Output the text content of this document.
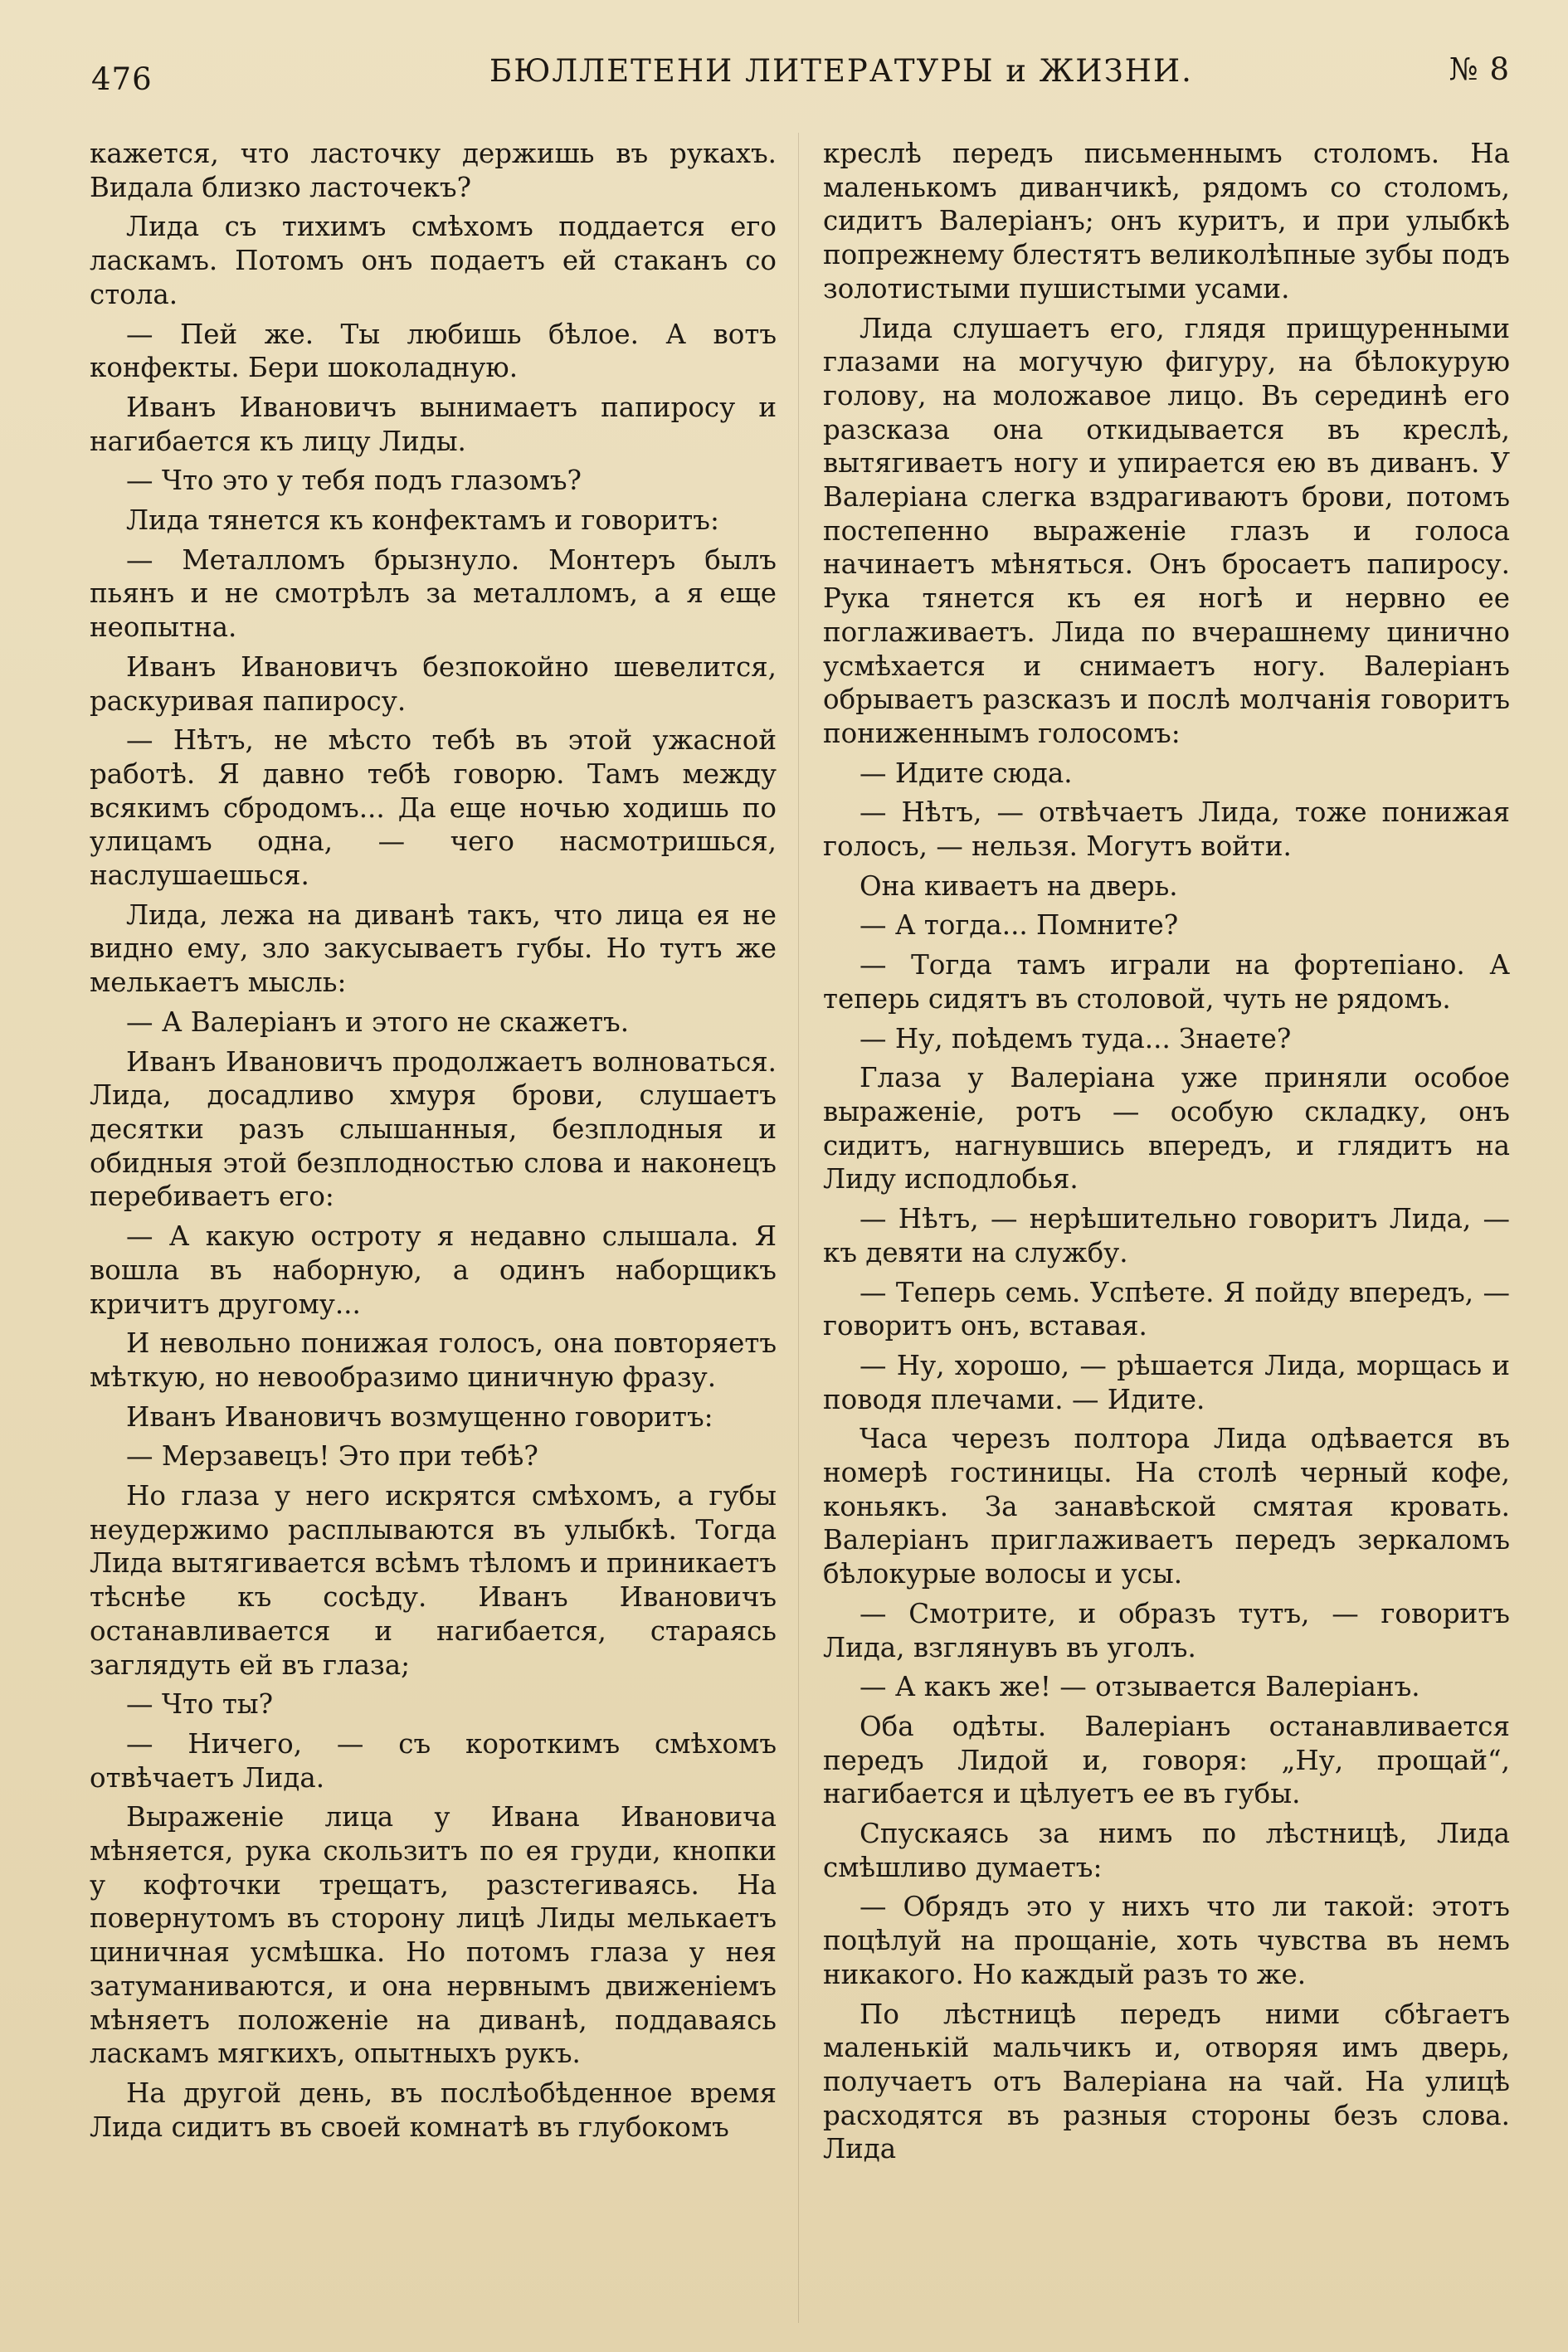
476	БЮЛЛЕТЕНИ ЛИТЕРАТУРЫ и ЖИЗНИ.	№ 8

кажется, что ласточку держишь въ рукахъ. Видала близко ласточекъ?

Лида съ тихимъ смѣхомъ поддается его ласкамъ. Потомъ онъ подаетъ ей стаканъ со стола.

— Пей же. Ты любишь бѣлое. А вотъ конфекты. Бери шоколадную.

Иванъ Ивановичъ вынимаетъ папиросу и нагибается къ лицу Лиды.

— Что это у тебя подъ глазомъ?

Лида тянется къ конфектамъ и говоритъ:

— Металломъ брызнуло. Монтеръ былъ пьянъ и не смотрѣлъ за металломъ, а я еще неопытна.

Иванъ Ивановичъ безпокойно шевелится, раскуривая папиросу.

— Нѣтъ, не мѣсто тебѣ въ этой ужасной работѣ. Я давно тебѣ говорю. Тамъ между всякимъ сбродомъ... Да еще ночью ходишь по улицамъ одна, — чего насмотришься, наслушаешься.

Лида, лежа на диванѣ такъ, что лица ея не видно ему, зло закусываетъ губы. Но тутъ же мелькаетъ мысль:

— А Валеріанъ и этого не скажетъ.

Иванъ Ивановичъ продолжаетъ волноваться. Лида, досадливо хмуря брови, слушаетъ десятки разъ слышанныя, безплодныя и обидныя этой безплодностью слова и наконецъ перебиваетъ его:

— А какую остроту я недавно слышала. Я вошла въ наборную, а одинъ наборщикъ кричитъ другому...

И невольно понижая голосъ, она повторяетъ мѣткую, но невообразимо циничную фразу.

Иванъ Ивановичъ возмущенно говоритъ:

— Мерзавецъ! Это при тебѣ?

Но глаза у него искрятся смѣхомъ, а губы неудержимо расплываются въ улыбкѣ. Тогда Лида вытягивается всѣмъ тѣломъ и приникаетъ тѣснѣе къ сосѣду. Иванъ Ивановичъ останавливается и нагибается, стараясь заглядуть ей въ глаза;

— Что ты?

— Ничего, — съ короткимъ смѣхомъ отвѣчаетъ Лида.

Выраженіе лица у Ивана Ивановича мѣняется, рука скользитъ по ея груди, кнопки у кофточки трещатъ, разстегиваясь. На повернутомъ въ сторону лицѣ Лиды мелькаетъ циничная усмѣшка. Но потомъ глаза у нея затуманиваются, и она нервнымъ движеніемъ мѣняетъ положеніе на диванѣ, поддаваясь ласкамъ мягкихъ, опытныхъ рукъ.

На другой день, въ послѣобѣденное время Лида сидитъ въ своей комнатѣ въ глубокомъ

креслѣ передъ письменнымъ столомъ. На маленькомъ диванчикѣ, рядомъ со столомъ, сидитъ Валеріанъ; онъ куритъ, и при улыбкѣ попрежнему блестятъ великолѣпные зубы подъ золотистыми пушистыми усами.

Лида слушаетъ его, глядя прищуренными глазами на могучую фигуру, на бѣлокурую голову, на моложавое лицо. Въ серединѣ его разсказа она откидывается въ креслѣ, вытягиваетъ ногу и упирается ею въ диванъ. У Валеріана слегка вздрагиваютъ брови, потомъ постепенно выраженіе глазъ и голоса начинаетъ мѣняться. Онъ бросаетъ папиросу. Рука тянется къ ея ногѣ и нервно ее поглаживаетъ. Лида по вчерашнему цинично усмѣхается и снимаетъ ногу. Валеріанъ обрываетъ разсказъ и послѣ молчанія говоритъ пониженнымъ голосомъ:

— Идите сюда.

— Нѣтъ, — отвѣчаетъ Лида, тоже понижая голосъ, — нельзя. Могутъ войти.

Она киваетъ на дверь.

— А тогда... Помните?

— Тогда тамъ играли на фортепіано. А теперь сидятъ въ столовой, чуть не рядомъ.

— Ну, поѣдемъ туда... Знаете?

Глаза у Валеріана уже приняли особое выраженіе, ротъ — особую складку, онъ сидитъ, нагнувшись впередъ, и глядитъ на Лиду исподлобья.

— Нѣтъ, — нерѣшительно говоритъ Лида, — къ девяти на службу.

— Теперь семь. Успѣете. Я пойду впередъ, — говоритъ онъ, вставая.

— Ну, хорошо, — рѣшается Лида, морщась и поводя плечами. — Идите.

Часа черезъ полтора Лида одѣвается въ номерѣ гостиницы. На столѣ черный кофе, коньякъ. За занавѣской смятая кровать. Валеріанъ приглаживаетъ передъ зеркаломъ бѣлокурые волосы и усы.

— Смотрите, и образъ тутъ, — говоритъ Лида, взглянувъ въ уголъ.

— А какъ же! — отзывается Валеріанъ.

Оба одѣты. Валеріанъ останавливается передъ Лидой и, говоря: „Ну, прощай“, нагибается и цѣлуетъ ее въ губы.

Спускаясь за нимъ по лѣстницѣ, Лида смѣшливо думаетъ:

— Обрядъ это у нихъ что ли такой: этотъ поцѣлуй на прощаніе, хоть чувства въ немъ никакого. Но каждый разъ то же.

По лѣстницѣ передъ ними сбѣгаетъ маленькій мальчикъ и, отворяя имъ дверь, получаетъ отъ Валеріана на чай. На улицѣ расходятся въ разныя стороны безъ слова. Лида
